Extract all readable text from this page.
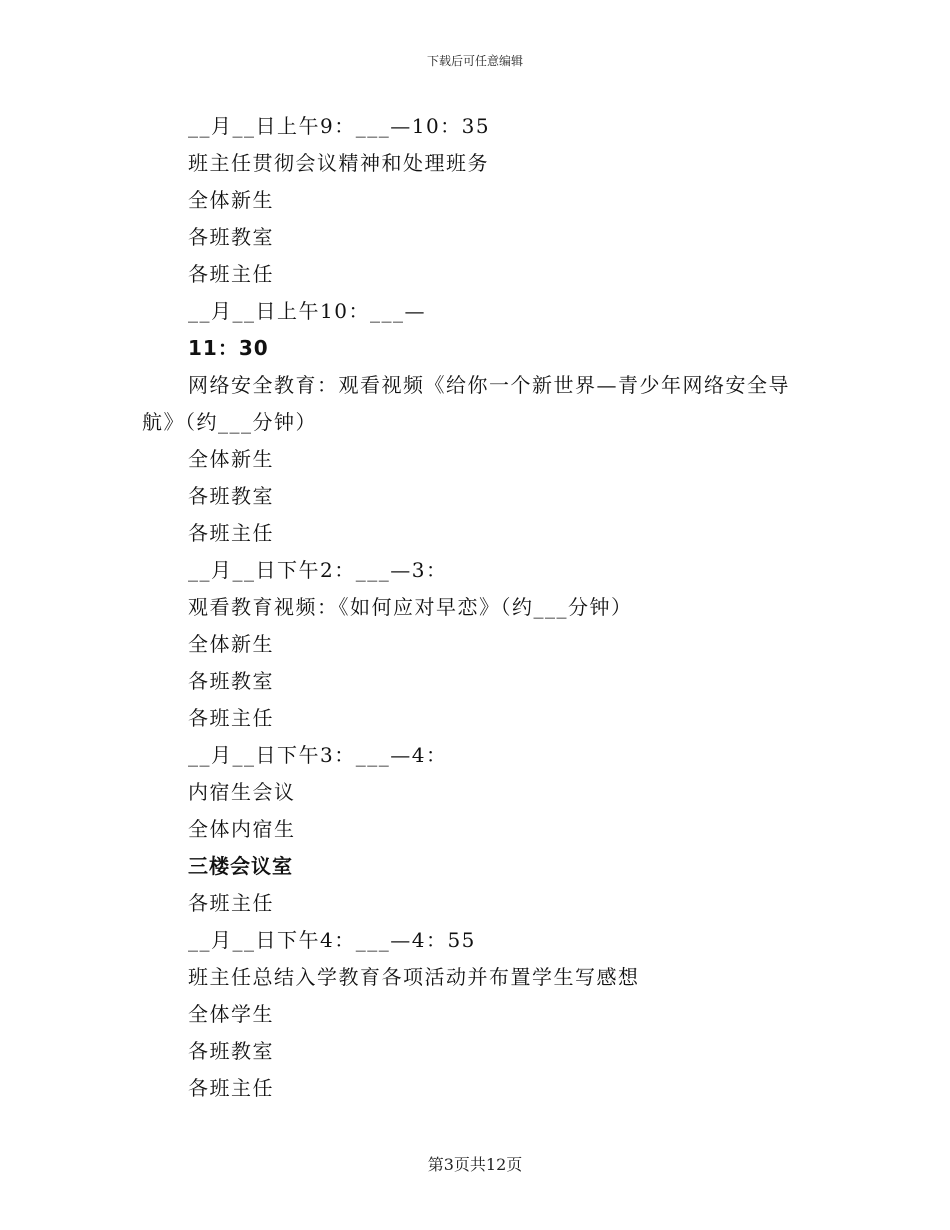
下载后可任意编辑
__月__日上午9：___—10：35
班主任贯彻会议精神和处理班务
全体新生
各班教室
各班主任
__月__日上午10：___—
11：30
网络安全教育：观看视频《给你一个新世界—青少年网络安全导
航》（约___分钟）
全体新生
各班教室
各班主任
__月__日下午2：___—3：
观看教育视频：《如何应对早恋》（约___分钟）
全体新生
各班教室
各班主任
__月__日下午3：___—4：
内宿生会议
全体内宿生
三楼会议室
各班主任
__月__日下午4：___—4：55
班主任总结入学教育各项活动并布置学生写感想
全体学生
各班教室
各班主任
第3页共12页
